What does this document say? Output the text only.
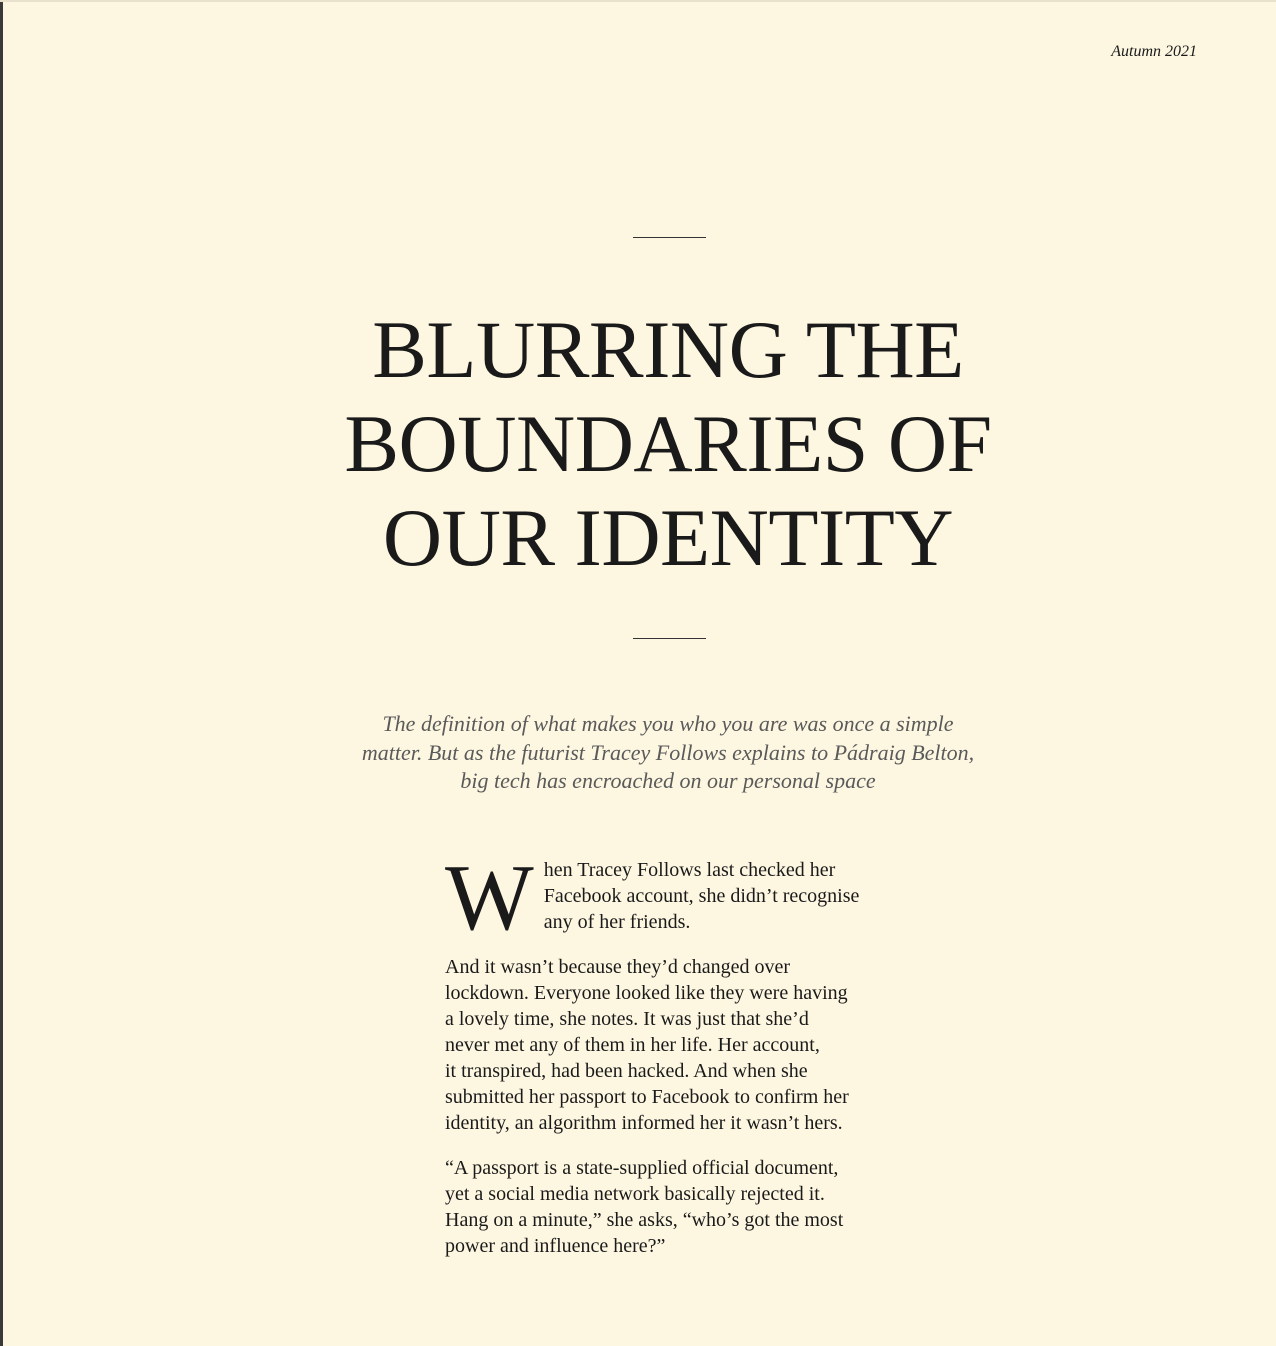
Autumn 2021
BLURRING THE
BOUNDARIES OF
OUR IDENTITY

The definition of what makes you who you are was once a simple
matter. But as the futurist Tracey Follows explains to Pádraig Belton,
big tech has encroached on our personal space

W hen Tracey Follows last checked her
Facebook account, she didn’t recognise
any of her friends.

And it wasn’t because they’d changed over
lockdown. Everyone looked like they were having
a lovely time, she notes. It was just that she’d
never met any of them in her life. Her account,
it transpired, had been hacked. And when she
submitted her passport to Facebook to confirm her
identity, an algorithm informed her it wasn’t hers.

“A passport is a state-supplied official document,
yet a social media network basically rejected it.
Hang on a minute,” she asks, “who’s got the most
power and influence here?”
